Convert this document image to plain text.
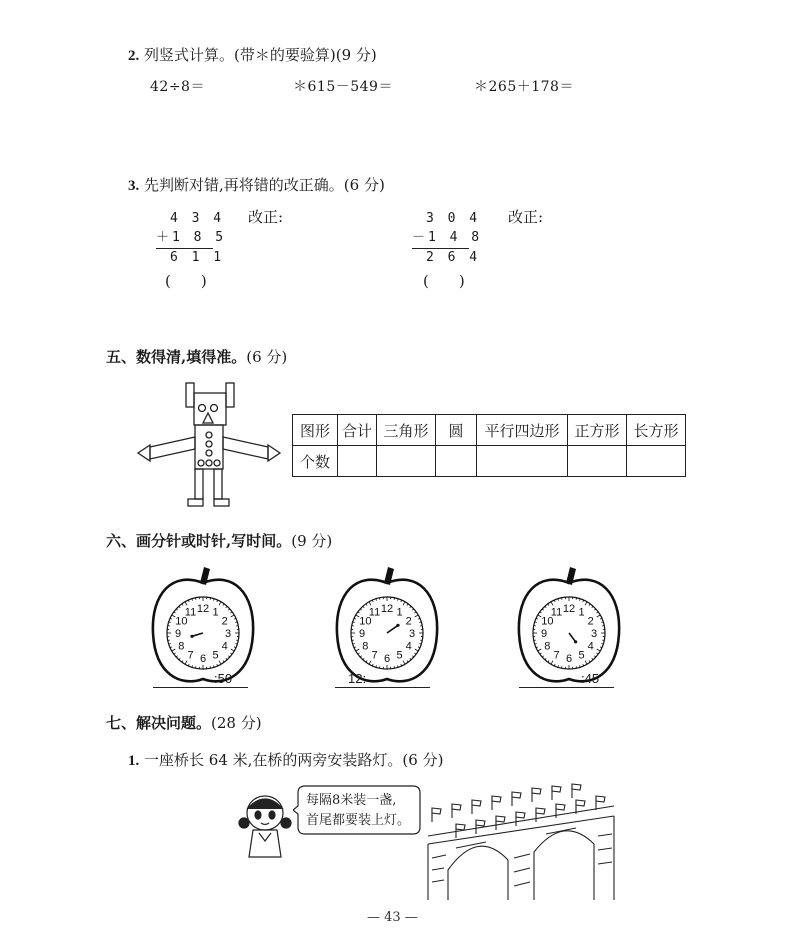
2. 列竖式计算。(带＊的要验算)(9 分)
42÷8＝	＊615－549＝	＊265＋178＝
3. 先判断对错,再将错的改正确。(6 分)
4 3 4
＋1 8 5
6 1 1
(　　)
改正:	3 0 4
－1 4 8
2 6 4
(　　)
改正:
五、数得清,填得准。(6 分)
图形	合计	三角形	圆	平行四边形	正方形	长方形
个数						
六、画分针或时针,写时间。(9 分)
12 1
2
3
4
5
6
7
8
9
10
11	12 1
2
3
4
5
6
7
8
9
10
11	12 1
2
3
4
5
6
7
8
9
10
11
:50	12:	:45
七、解决问题。(28 分)
1. 一座桥长 64 米,在桥的两旁安装路灯。(6 分)
每隔8米装一盏,
首尾都要装上灯。
— 43 —
